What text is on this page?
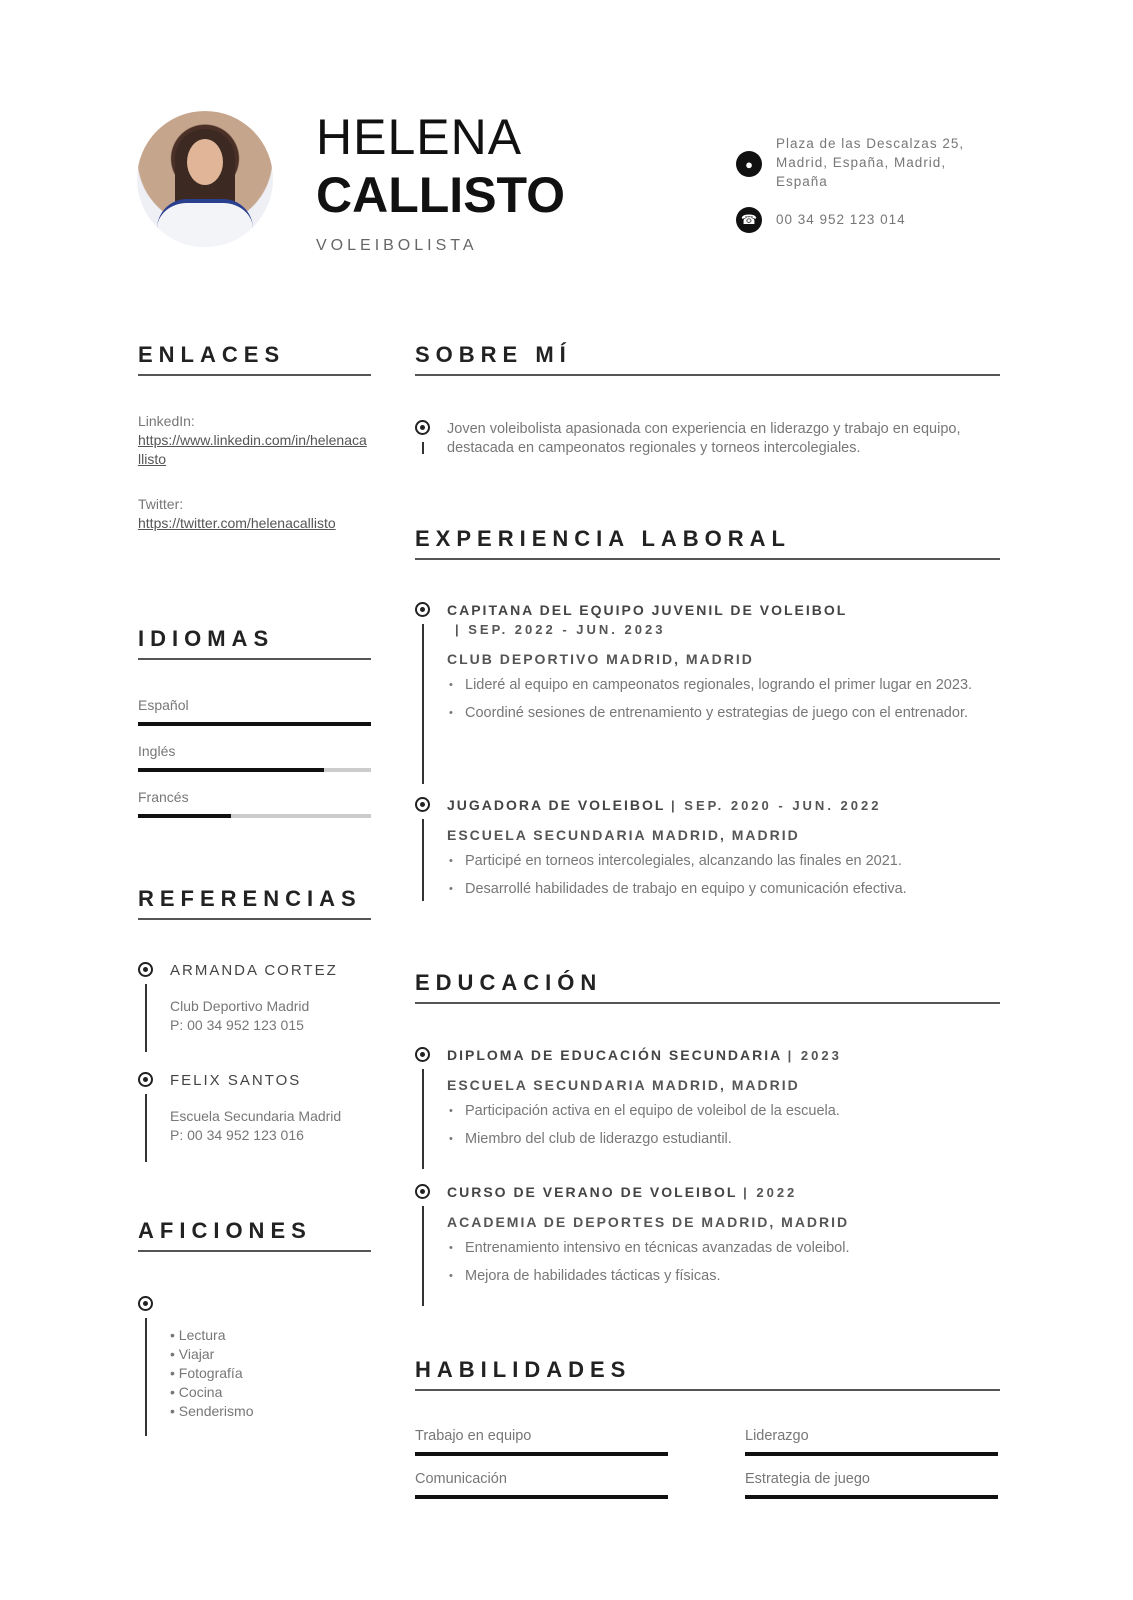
HELENA
CALLISTO
VOLEIBOLISTA
●
Plaza de las Descalzas 25, Madrid, España, Madrid, España
☎	00 34 952 123 014
ENLACES
LinkedIn:
https://www.linkedin.com/in/helenacallisto
Twitter:
https://twitter.com/helenacallisto
IDIOMAS
Español
Inglés
Francés
REFERENCIAS
ARMANDA CORTEZ
Club Deportivo Madrid
P: 00 34 952 123 015
FELIX SANTOS
Escuela Secundaria Madrid
P: 00 34 952 123 016
AFICIONES
• Lectura
• Viajar
• Fotografía
• Cocina
• Senderismo
SOBRE MÍ
Joven voleibolista apasionada con experiencia en liderazgo y trabajo en equipo, destacada en campeonatos regionales y torneos intercolegiales.
EXPERIENCIA LABORAL
CAPITANA DEL EQUIPO JUVENIL DE VOLEIBOL
| SEP. 2022 - JUN. 2023
CLUB DEPORTIVO MADRID, MADRID
• Lideré al equipo en campeonatos regionales, logrando el primer lugar en 2023.
• Coordiné sesiones de entrenamiento y estrategias de juego con el entrenador.
JUGADORA DE VOLEIBOL | SEP. 2020 - JUN. 2022
ESCUELA SECUNDARIA MADRID, MADRID
• Participé en torneos intercolegiales, alcanzando las finales en 2021.
• Desarrollé habilidades de trabajo en equipo y comunicación efectiva.
EDUCACIÓN
DIPLOMA DE EDUCACIÓN SECUNDARIA | 2023
ESCUELA SECUNDARIA MADRID, MADRID
• Participación activa en el equipo de voleibol de la escuela.
• Miembro del club de liderazgo estudiantil.
CURSO DE VERANO DE VOLEIBOL | 2022
ACADEMIA DE DEPORTES DE MADRID, MADRID
• Entrenamiento intensivo en técnicas avanzadas de voleibol.
• Mejora de habilidades tácticas y físicas.
HABILIDADES
Trabajo en equipo	Liderazgo
Comunicación	Estrategia de juego
